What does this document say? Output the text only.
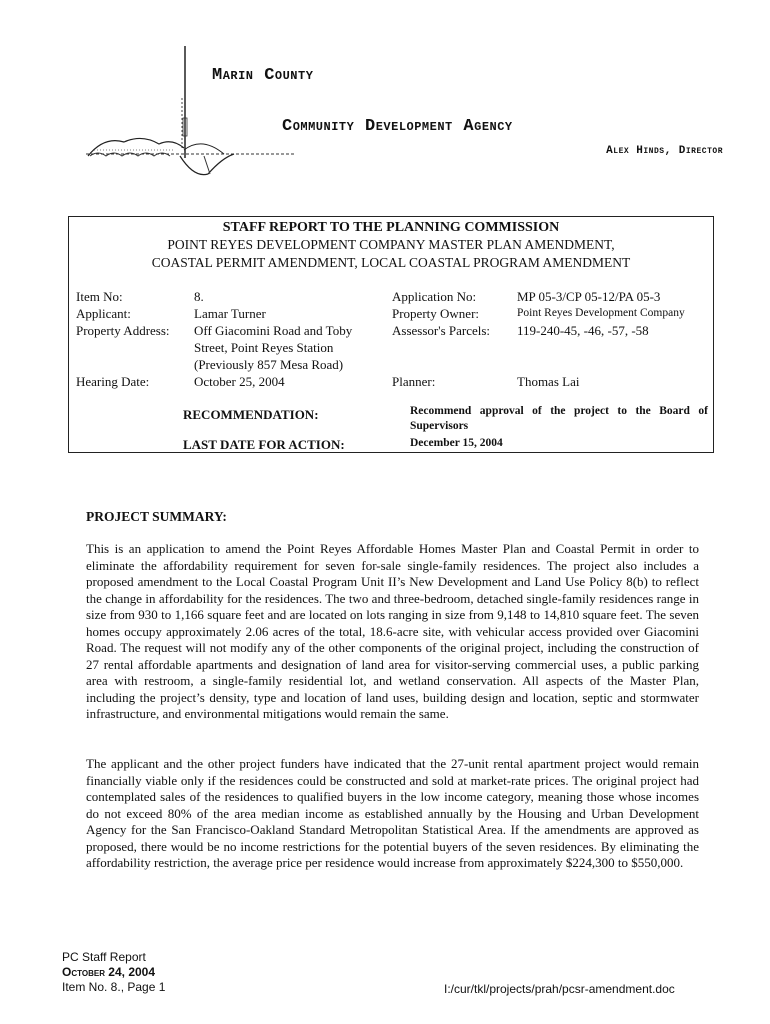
Marin County
Community Development Agency
Alex Hinds, Director
STAFF REPORT TO THE PLANNING COMMISSION
POINT REYES DEVELOPMENT COMPANY MASTER PLAN AMENDMENT,
COASTAL PERMIT AMENDMENT, LOCAL COASTAL PROGRAM AMENDMENT
Item No:	8.
Applicant:	Lamar Turner
Property Address: Off Giacomini Road and Toby
Street, Point Reyes Station
(Previously 857 Mesa Road)
Hearing Date:	October 25, 2004
Application No:	MP 05-3/CP 05-12/PA 05-3
Property Owner:	Point Reyes Development Company
Assessor's Parcels: 119-240-45, -46, -57, -58
Planner:	Thomas Lai
RECOMMENDATION:	Recommend approval of the project to the Board of Supervisors
LAST DATE FOR ACTION:	December 15, 2004
PROJECT SUMMARY:
This is an application to amend the Point Reyes Affordable Homes Master Plan and Coastal Permit in order to eliminate the affordability requirement for seven for-sale single-family residences. The project also includes a proposed amendment to the Local Coastal Program Unit II’s New Development and Land Use Policy 8(b) to reflect the change in affordability for the residences. The two and three-bedroom, detached single-family residences range in size from 930 to 1,166 square feet and are located on lots ranging in size from 9,148 to 14,810 square feet. The seven homes occupy approximately 2.06 acres of the total, 18.6-acre site, with vehicular access provided over Giacomini Road. The request will not modify any of the other components of the original project, including the construction of 27 rental affordable apartments and designation of land area for visitor-serving commercial uses, a public parking area with restroom, a single-family residential lot, and wetland conservation. All aspects of the Master Plan, including the project’s density, type and location of land uses, building design and location, septic and stormwater infrastructure, and environmental mitigations would remain the same.
The applicant and the other project funders have indicated that the 27-unit rental apartment project would remain financially viable only if the residences could be constructed and sold at market-rate prices. The original project had contemplated sales of the residences to qualified buyers in the low income category, meaning those whose incomes do not exceed 80% of the area median income as established annually by the Housing and Urban Development Agency for the San Francisco-Oakland Standard Metropolitan Statistical Area. If the amendments are approved as proposed, there would be no income restrictions for the potential buyers of the seven residences. By eliminating the affordability restriction, the average price per residence would increase from approximately $224,300 to $550,000.
PC Staff Report
October 24, 2004
Item No. 8., Page 1	I:/cur/tkl/projects/prah/pcsr-amendment.doc
